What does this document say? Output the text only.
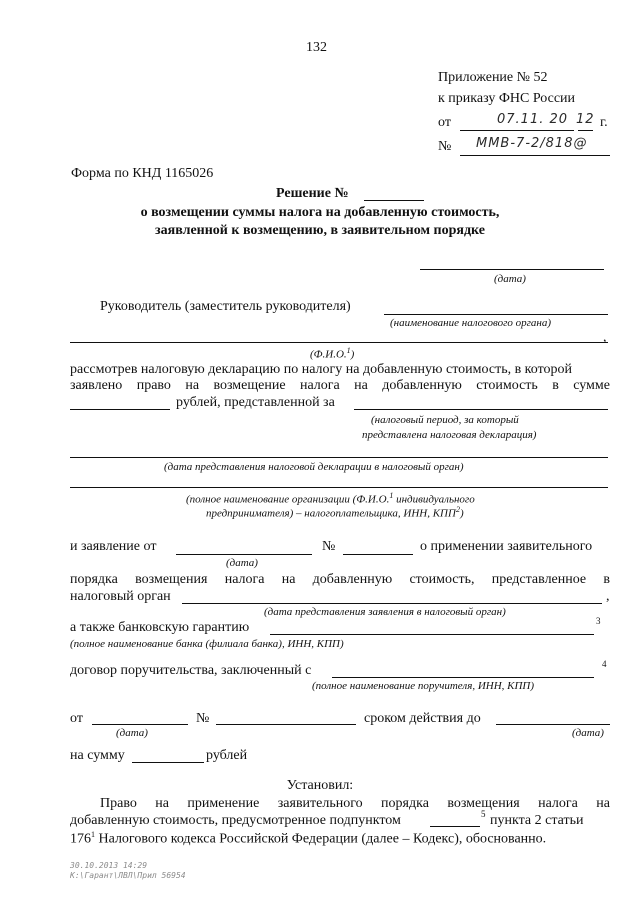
132
Приложение № 52
к приказу ФНС России
от	07.11. 20 12 г.
№ ММВ-7-2/818@
Форма по КНД 1165026
Решение №
о возмещении суммы налога на добавленную стоимость,
заявленной к возмещению, в заявительном порядке
(дата)
Руководитель (заместитель руководителя)
(наименование налогового органа)
,
(Ф.И.О.$^1$)
рассмотрев налоговую декларацию по налогу на добавленную стоимость, в которой
заявлено право на возмещение налога на добавленную стоимость в сумме
рублей, представленной за
(налоговый период, за который
представлена налоговая декларация)
(дата представления налоговой декларации в налоговый орган)
(полное наименование организации (Ф.И.О.$^1$ индивидуального
предпринимателя) – налогоплательщика, ИНН, КПП$^2$)
и заявление от	№	о применении заявительного
(дата)
порядка возмещения налога на добавленную стоимость, представленное в
налоговый орган	,
(дата представления заявления в налоговый орган)
а также банковскую гарантию	3
(полное наименование банка (филиала банка), ИНН, КПП)
договор поручительства, заключенный с	4
(полное наименование поручителя, ИНН, КПП)
от	№	сроком действия до
(дата)	(дата)
на сумму	рублей
Установил:
Право на применение заявительного порядка возмещения налога на
добавленную стоимость, предусмотренное подпунктом	5 пункта 2 статьи
$176^1$ Налогового кодекса Российской Федерации (далее – Кодекс), обоснованно.
30.10.2013 14:29
К:\Гарант\ЛВЛ\Прил 56954
